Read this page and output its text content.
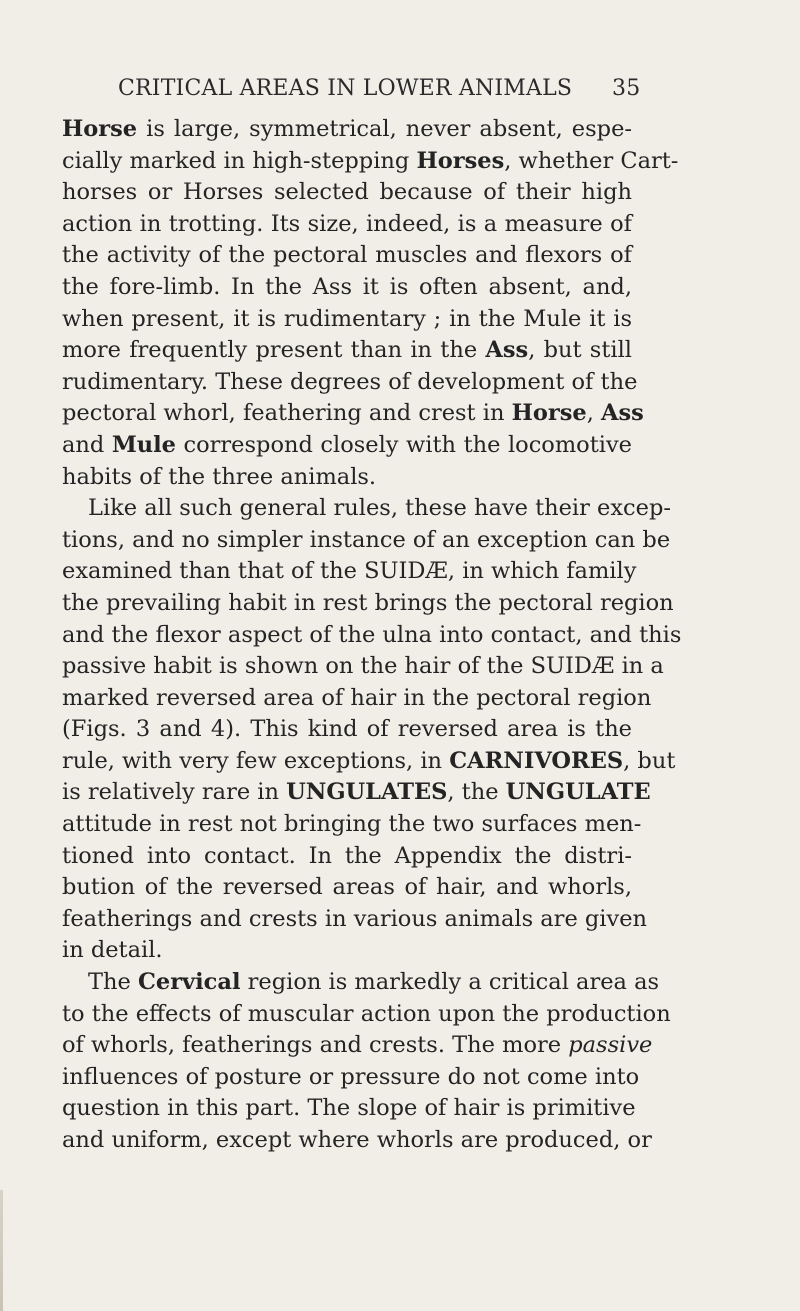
CRITICAL AREAS IN LOWER ANIMALS 35
Horse is large, symmetrical, never absent, espe-
cially marked in high-stepping Horses, whether Cart-
horses or Horses selected because of their high
action in trotting. Its size, indeed, is a measure of
the activity of the pectoral muscles and flexors of
the fore-limb. In the Ass it is often absent, and,
when present, it is rudimentary ; in the Mule it is
more frequently present than in the Ass, but still
rudimentary. These degrees of development of the
pectoral whorl, feathering and crest in Horse, Ass
and Mule correspond closely with the locomotive
habits of the three animals.
Like all such general rules, these have their excep-
tions, and no simpler instance of an exception can be
examined than that of the SUIDÆ, in which family
the prevailing habit in rest brings the pectoral region
and the flexor aspect of the ulna into contact, and this
passive habit is shown on the hair of the SUIDÆ in a
marked reversed area of hair in the pectoral region
(Figs. 3 and 4). This kind of reversed area is the
rule, with very few exceptions, in CARNIVORES, but
is relatively rare in UNGULATES, the UNGULATE
attitude in rest not bringing the two surfaces men-
tioned into contact. In the Appendix the distri-
bution of the reversed areas of hair, and whorls,
featherings and crests in various animals are given
in detail.
The Cervical region is markedly a critical area as
to the effects of muscular action upon the production
of whorls, featherings and crests. The more passive
influences of posture or pressure do not come into
question in this part. The slope of hair is primitive
and uniform, except where whorls are produced, or
